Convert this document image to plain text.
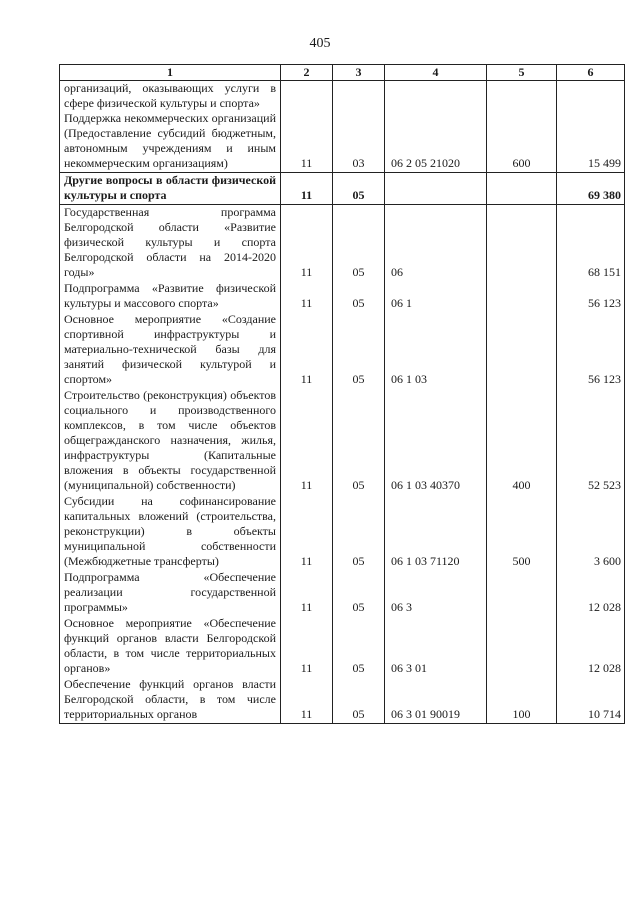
405
1	2	3	4	5	6

организаций, оказывающих услуги в сфере физической культуры и спорта»
Поддержка некоммерческих организаций (Предоставление субсидий бюджетным, автономным учреждениям и иным некоммерческим организациям)	11	03	06 2 05 21020	600	15 499

Другие вопросы в области физической культуры и спорта	11	05			69 380

Государственная программа Белгородской области «Развитие физической культуры и спорта Белгородской области на 2014-2020 годы»	11	05	06		68 151

Подпрограмма «Развитие физической культуры и массового спорта»	11	05	06 1		56 123

Основное мероприятие «Создание спортивной инфраструктуры и материально-технической базы для занятий физической культурой и спортом»	11	05	06 1 03		56 123

Строительство (реконструкция) объектов социального и производственного комплексов, в том числе объектов общегражданского назначения, жилья, инфраструктуры (Капитальные вложения в объекты государственной (муниципальной) собственности)	11	05	06 1 03 40370	400	52 523

Субсидии на софинансирование капитальных вложений (строительства, реконструкции) в объекты муниципальной собственности (Межбюджетные трансферты)	11	05	06 1 03 71120	500	3 600

Подпрограмма «Обеспечение реализации государственной программы»	11	05	06 3		12 028

Основное мероприятие «Обеспечение функций органов власти Белгородской области, в том числе территориальных органов»	11	05	06 3 01		12 028

Обеспечение функций органов власти Белгородской области, в том числе территориальных органов	11	05	06 3 01 90019	100	10 714
